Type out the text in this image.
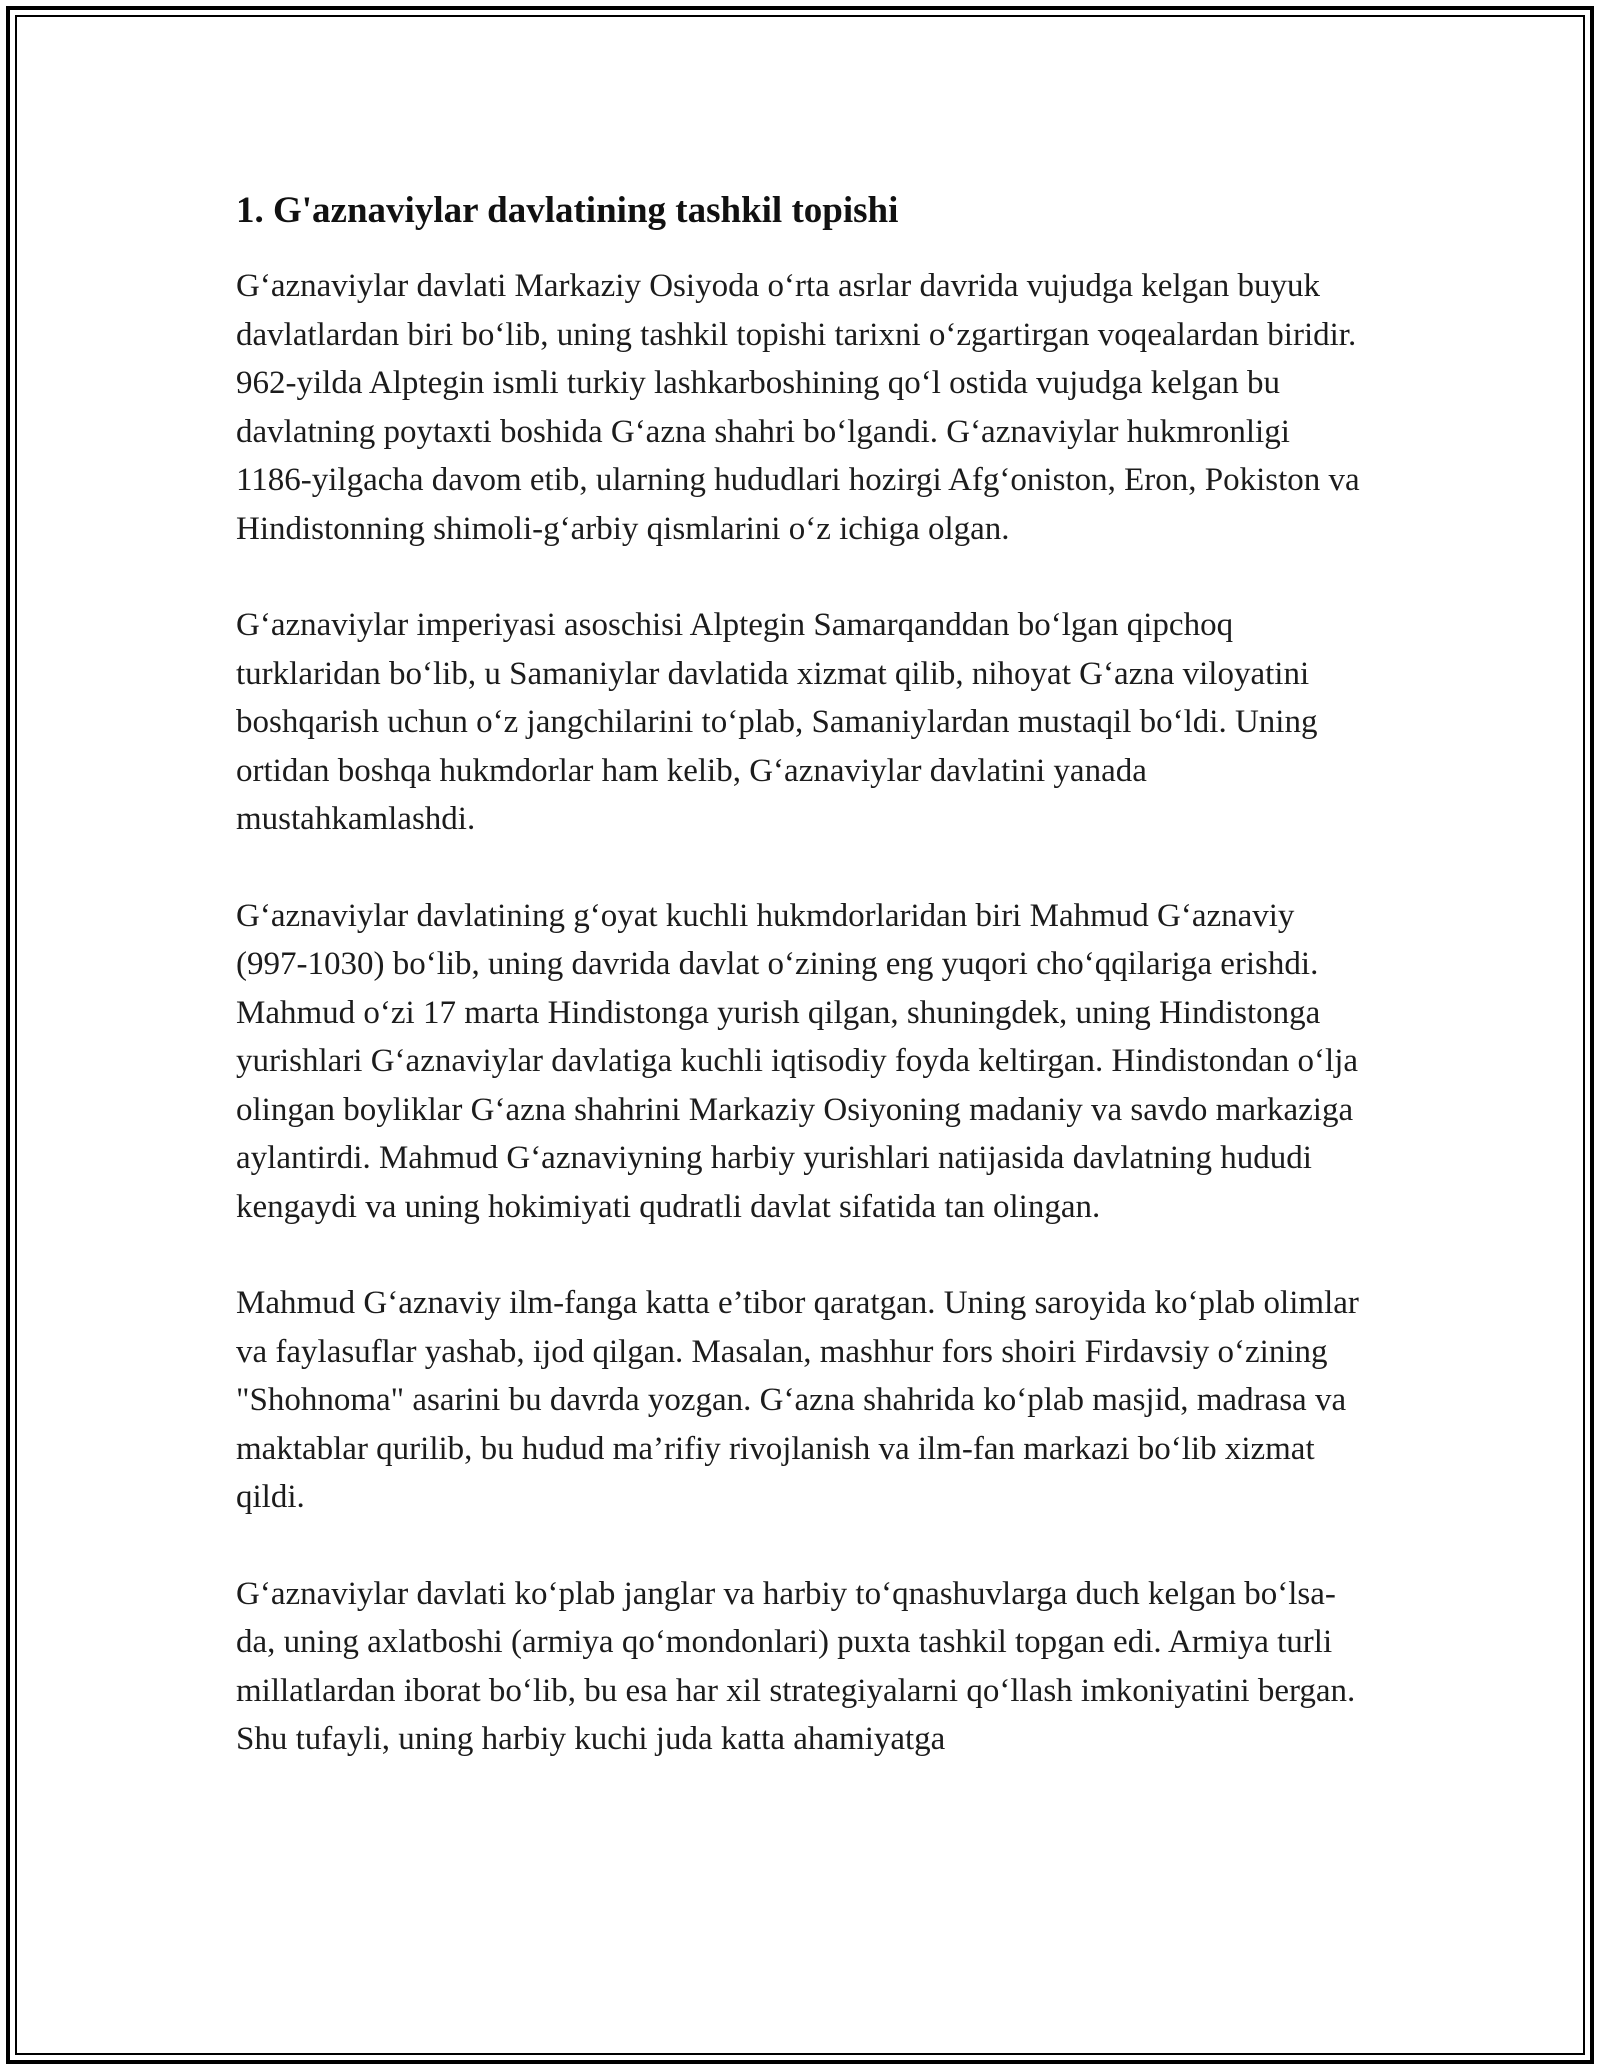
1. G'aznaviylar davlatining tashkil topishi

G‘aznaviylar davlati Markaziy Osiyoda o‘rta asrlar davrida vujudga kelgan buyuk davlatlardan biri bo‘lib, uning tashkil topishi tarixni o‘zgartirgan voqealardan biridir. 962-yilda Alptegin ismli turkiy lashkarboshining qo‘l ostida vujudga kelgan bu davlatning poytaxti boshida G‘azna shahri bo‘lgandi. G‘aznaviylar hukmronligi 1186-yilgacha davom etib, ularning hududlari hozirgi Afg‘oniston, Eron, Pokiston va Hindistonning shimoli-g‘arbiy qismlarini o‘z ichiga olgan.

G‘aznaviylar imperiyasi asoschisi Alptegin Samarqanddan bo‘lgan qipchoq turklaridan bo‘lib, u Samaniylar davlatida xizmat qilib, nihoyat G‘azna viloyatini boshqarish uchun o‘z jangchilarini to‘plab, Samaniylardan mustaqil bo‘ldi. Uning ortidan boshqa hukmdorlar ham kelib, G‘aznaviylar davlatini yanada mustahkamlashdi.

G‘aznaviylar davlatining g‘oyat kuchli hukmdorlaridan biri Mahmud G‘aznaviy (997-1030) bo‘lib, uning davrida davlat o‘zining eng yuqori cho‘qqilariga erishdi. Mahmud o‘zi 17 marta Hindistonga yurish qilgan, shuningdek, uning Hindistonga yurishlari G‘aznaviylar davlatiga kuchli iqtisodiy foyda keltirgan. Hindistondan o‘lja olingan boyliklar G‘azna shahrini Markaziy Osiyoning madaniy va savdo markaziga aylantirdi. Mahmud G‘aznaviyning harbiy yurishlari natijasida davlatning hududi kengaydi va uning hokimiyati qudratli davlat sifatida tan olingan.

Mahmud G‘aznaviy ilm-fanga katta e’tibor qaratgan. Uning saroyida ko‘plab olimlar va faylasuflar yashab, ijod qilgan. Masalan, mashhur fors shoiri Firdavsiy o‘zining "Shohnoma" asarini bu davrda yozgan. G‘azna shahrida ko‘plab masjid, madrasa va maktablar qurilib, bu hudud ma’rifiy rivojlanish va ilm-fan markazi bo‘lib xizmat qildi.

G‘aznaviylar davlati ko‘plab janglar va harbiy to‘qnashuvlarga duch kelgan bo‘lsa-da, uning axlatboshi (armiya qo‘mondonlari) puxta tashkil topgan edi. Armiya turli millatlardan iborat bo‘lib, bu esa har xil strategiyalarni qo‘llash imkoniyatini bergan. Shu tufayli, uning harbiy kuchi juda katta ahamiyatga
